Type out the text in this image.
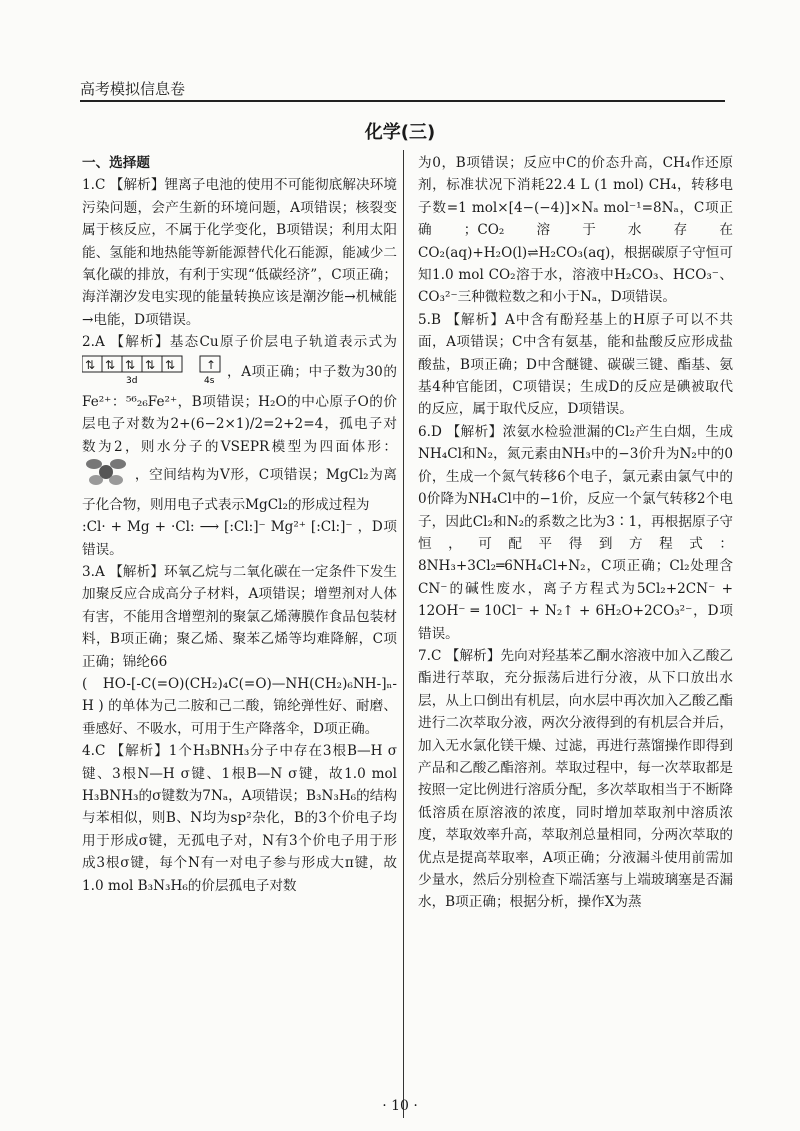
高考模拟信息卷
化学(三)
一、选择题

1.C 【解析】锂离子电池的使用不可能彻底解决环境污染问题，会产生新的环境问题，A项错误；核裂变属于核反应，不属于化学变化，B项错误；利用太阳能、氢能和地热能等新能源替代化石能源，能减少二氧化碳的排放，有利于实现“低碳经济”，C项正确；海洋潮汐发电实现的能量转换应该是潮汐能→机械能→电能，D项错误。

2.A 【解析】基态Cu原子价层电子轨道表示式为
⇅ ⇅ ⇅ ⇅ ⇅	↑
3d	4s
，A项正确；中子数为30的Fe²⁺：⁵⁶₂₆Fe²⁺，B项错误；H₂O的中心原子O的价层电子对数为2+(6−2×1)/2=2+2=4，孤电子对数为2，则水分子的VSEPR模型为四面体形：  ，空间结构为V形，C项错误；MgCl₂为离子化合物，则用电子式表示MgCl₂的形成过程为
:Cl· + Mg + ·Cl: ⟶ [:Cl:]⁻ Mg²⁺ [:Cl:]⁻ ，D项错误。

3.A 【解析】环氧乙烷与二氧化碳在一定条件下发生加聚反应合成高分子材料，A项错误；增塑剂对人体有害，不能用含增塑剂的聚氯乙烯薄膜作食品包装材料，B项正确；聚乙烯、聚苯乙烯等均难降解，C项正确；锦纶66
( HO-[-C(=O)(CH₂)₄C(=O)—NH(CH₂)₆NH-]ₙ-H ) 的单体为己二胺和己二酸，锦纶弹性好、耐磨、垂感好、不吸水，可用于生产降落伞，D项正确。

4.C 【解析】1个H₃BNH₃分子中存在3根B—H σ键、3根N—H σ键、1根B—N σ键，故1.0 mol H₃BNH₃的σ键数为7Nₐ，A项错误；B₃N₃H₆的结构与苯相似，则B、N均为sp²杂化，B的3个价电子均用于形成σ键，无孤电子对，N有3个价电子用于形成3根σ键，每个N有一对电子参与形成大π键，故1.0 mol B₃N₃H₆的价层孤电子对数

为0，B项错误；反应中C的价态升高，CH₄作还原剂，标准状况下消耗22.4 L (1 mol) CH₄，转移电子数=1 mol×[4−(−4)]×Nₐ mol⁻¹=8Nₐ，C项正确；CO₂溶于水存在CO₂(aq)+H₂O(l)⇌H₂CO₃(aq)，根据碳原子守恒可知1.0 mol CO₂溶于水，溶液中H₂CO₃、HCO₃⁻、CO₃²⁻三种微粒数之和小于Nₐ，D项错误。

5.B 【解析】A中含有酚羟基上的H原子可以不共面，A项错误；C中含有氨基，能和盐酸反应形成盐酸盐，B项正确；D中含醚键、碳碳三键、酯基、氨基4种官能团，C项错误；生成D的反应是碘被取代的反应，属于取代反应，D项错误。

6.D 【解析】浓氨水检验泄漏的Cl₂产生白烟，生成NH₄Cl和N₂，氮元素由NH₃中的−3价升为N₂中的0价，生成一个氮气转移6个电子，氯元素由氯气中的0价降为NH₄Cl中的−1价，反应一个氯气转移2个电子，因此Cl₂和N₂的系数之比为3∶1，再根据原子守恒，可配平得到方程式：8NH₃+3Cl₂═6NH₄Cl+N₂，C项正确；Cl₂处理含CN⁻的碱性废水，离子方程式为5Cl₂+2CN⁻ + 12OH⁻ ═ 10Cl⁻ + N₂↑ + 6H₂O+2CO₃²⁻，D项错误。

7.C 【解析】先向对羟基苯乙酮水溶液中加入乙酸乙酯进行萃取，充分振荡后进行分液，从下口放出水层，从上口倒出有机层，向水层中再次加入乙酸乙酯进行二次萃取分液，两次分液得到的有机层合并后，加入无水氯化镁干燥、过滤，再进行蒸馏操作即得到产品和乙酸乙酯溶剂。萃取过程中，每一次萃取都是按照一定比例进行溶质分配，多次萃取相当于不断降低溶质在原溶液的浓度，同时增加萃取剂中溶质浓度，萃取效率升高，萃取剂总量相同，分两次萃取的优点是提高萃取率，A项正确；分液漏斗使用前需加少量水，然后分别检查下端活塞与上端玻璃塞是否漏水，B项正确；根据分析，操作X为蒸

· 10 ·
